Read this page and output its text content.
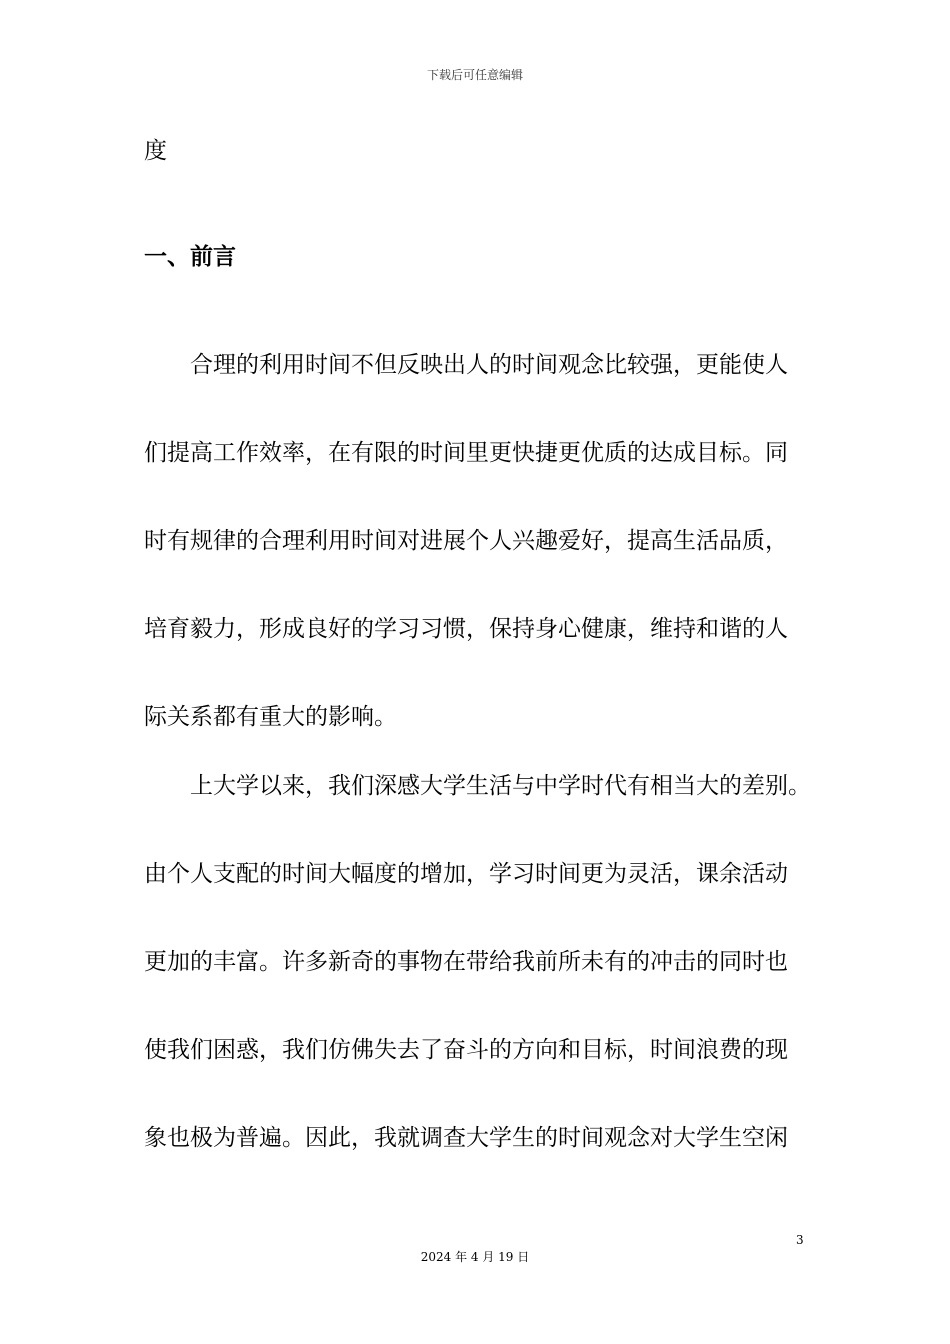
下载后可任意编辑
度
一、前言
合理的利用时间不但反映出人的时间观念比较强，更能使人
们提高工作效率，在有限的时间里更快捷更优质的达成目标。同
时有规律的合理利用时间对进展个人兴趣爱好，提高生活品质，
培育毅力，形成良好的学习习惯，保持身心健康，维持和谐的人
际关系都有重大的影响。
上大学以来，我们深感大学生活与中学时代有相当大的差别。
由个人支配的时间大幅度的增加，学习时间更为灵活，课余活动
更加的丰富。许多新奇的事物在带给我前所未有的冲击的同时也
使我们困惑，我们仿佛失去了奋斗的方向和目标，时间浪费的现
象也极为普遍。因此，我就调查大学生的时间观念对大学生空闲
3
2024 年 4 月 19 日
